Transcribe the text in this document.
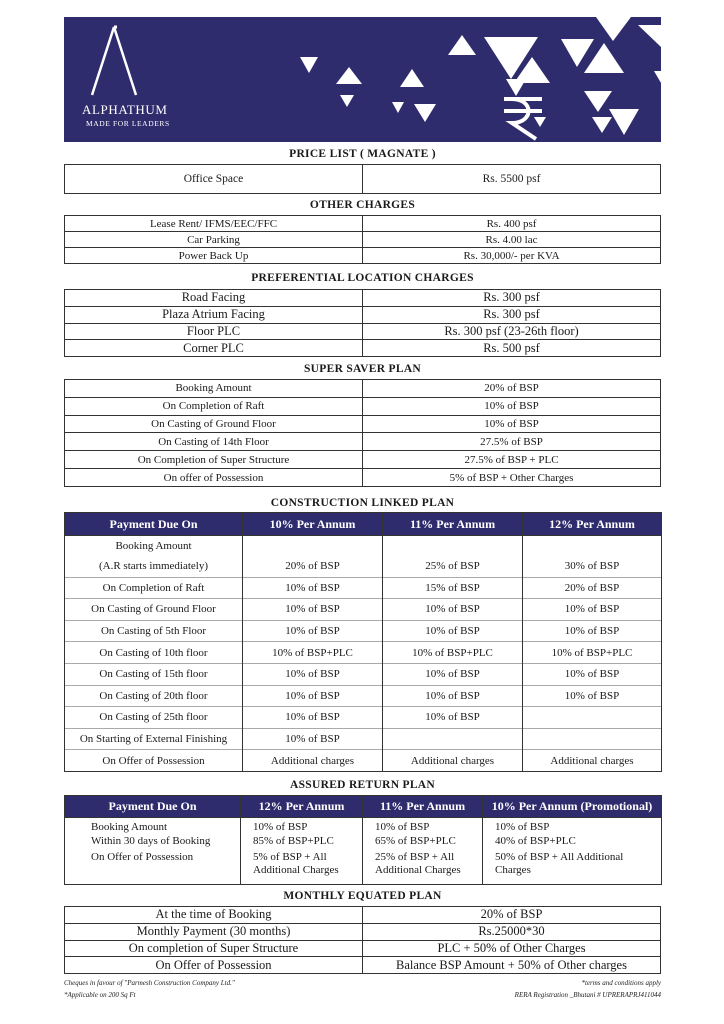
ALPHATHUM
MADE FOR LEADERS
PRICE LIST ( MAGNATE )
Office Space	Rs. 5500 psf
OTHER CHARGES
Lease Rent/ IFMS/EEC/FFC	Rs. 400 psf
Car Parking	Rs. 4.00 lac
Power Back Up	Rs. 30,000/- per KVA
PREFERENTIAL LOCATION CHARGES
Road Facing	Rs. 300 psf
Plaza Atrium Facing	Rs. 300 psf
Floor PLC	Rs. 300 psf (23-26th floor)
Corner PLC	Rs. 500 psf
SUPER SAVER PLAN
Booking Amount	20% of BSP
On Completion of Raft	10% of BSP
On Casting of Ground Floor	10% of BSP
On Casting of 14th Floor	27.5% of BSP
On Completion of Super Structure	27.5% of BSP + PLC
On offer of Possession	5% of BSP + Other Charges
CONSTRUCTION LINKED PLAN
Payment Due On	10% Per Annum	11% Per Annum	12% Per Annum
Booking Amount			
(A.R starts immediately)	20% of BSP	25% of BSP	30% of BSP
On Completion of Raft	10% of BSP	15% of BSP	20% of BSP
On Casting of Ground Floor	10% of BSP	10% of BSP	10% of BSP
On Casting of 5th Floor	10% of BSP	10% of BSP	10% of BSP
On Casting of 10th floor	10% of BSP+PLC	10% of BSP+PLC	10% of BSP+PLC
On Casting of 15th floor	10% of BSP	10% of BSP	10% of BSP
On Casting of 20th floor	10% of BSP	10% of BSP	10% of BSP
On Casting of 25th floor	10% of BSP	10% of BSP	
On Starting of External Finishing	10% of BSP		
On Offer of Possession	Additional charges	Additional charges	Additional charges
ASSURED RETURN PLAN
Payment Due On	12% Per Annum	11% Per Annum	10% Per Annum (Promotional)
Booking Amount	10% of BSP	10% of BSP	10% of BSP
Within 30 days of Booking	85% of BSP+PLC	65% of BSP+PLC	40% of BSP+PLC
On Offer of Possession	5% of BSP + All Additional Charges	25% of BSP + All Additional Charges	50% of BSP + All Additional Charges
MONTHLY EQUATED PLAN
At the time of Booking	20% of BSP
Monthly Payment (30 months)	Rs.25000*30
On completion of Super Structure	PLC + 50% of Other Charges
On Offer of Possession	Balance BSP Amount + 50% of Other charges
Cheques in favour of "Parmesh Construction Company Ltd."
*Applicable on 200 Sq Ft
*terms and conditions apply
RERA Registration _Bhutani # UPRERAPRJ411044
